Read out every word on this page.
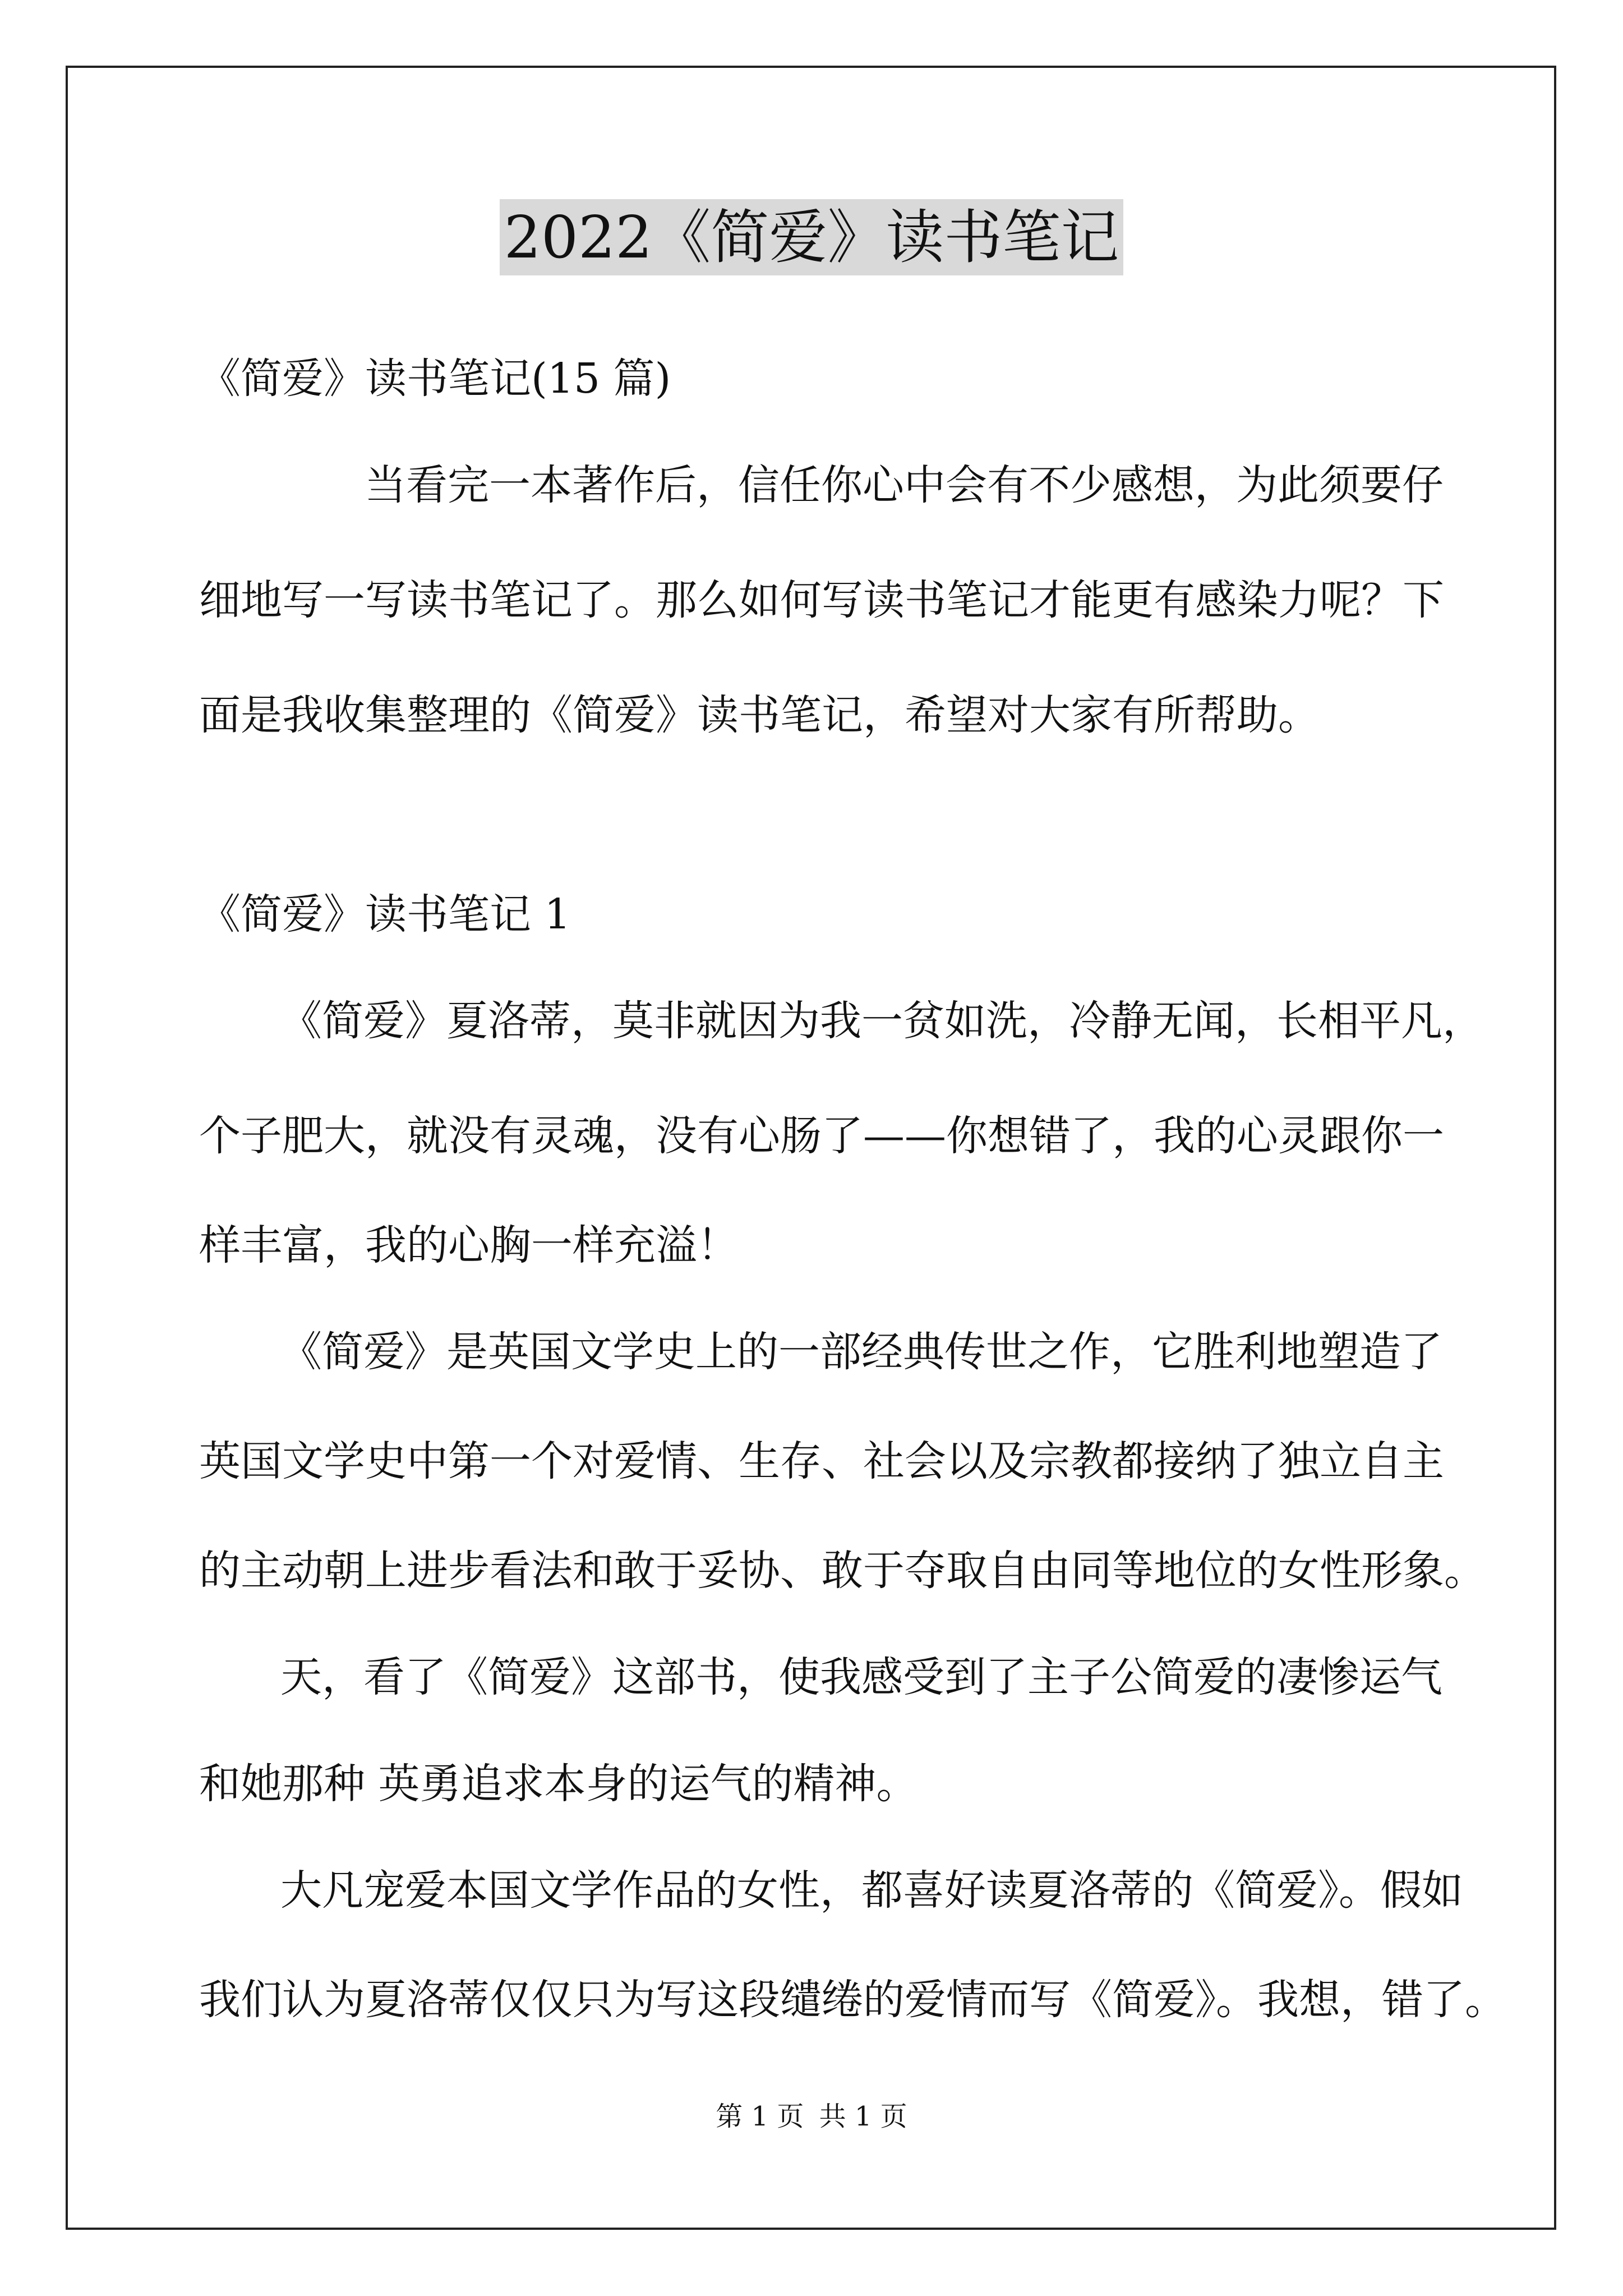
2022《简爱》读书笔记
《简爱》读书笔记(15 篇)
当看完一本著作后，信任你心中会有不少感想，为此须要仔
细地写一写读书笔记了。那么如何写读书笔记才能更有感染力呢？下
面是我收集整理的《简爱》读书笔记，希望对大家有所帮助。
《简爱》读书笔记 1
《简爱》夏洛蒂，莫非就因为我一贫如洗，冷静无闻，长相平凡，
个子肥大，就没有灵魂，没有心肠了——你想错了，我的心灵跟你一
样丰富，我的心胸一样充溢！
《简爱》是英国文学史上的一部经典传世之作，它胜利地塑造了
英国文学史中第一个对爱情、生存、社会以及宗教都接纳了独立自主
的主动朝上进步看法和敢于妥协、敢于夺取自由同等地位的女性形象。
天，看了《简爱》这部书，使我感受到了主子公简爱的凄惨运气
和她那种 英勇追求本身的运气的精神。
大凡宠爱本国文学作品的女性，都喜好读夏洛蒂的《简爱》。假如
我们认为夏洛蒂仅仅只为写这段缱绻的爱情而写《简爱》。我想，错了。
第 1 页 共 1 页
